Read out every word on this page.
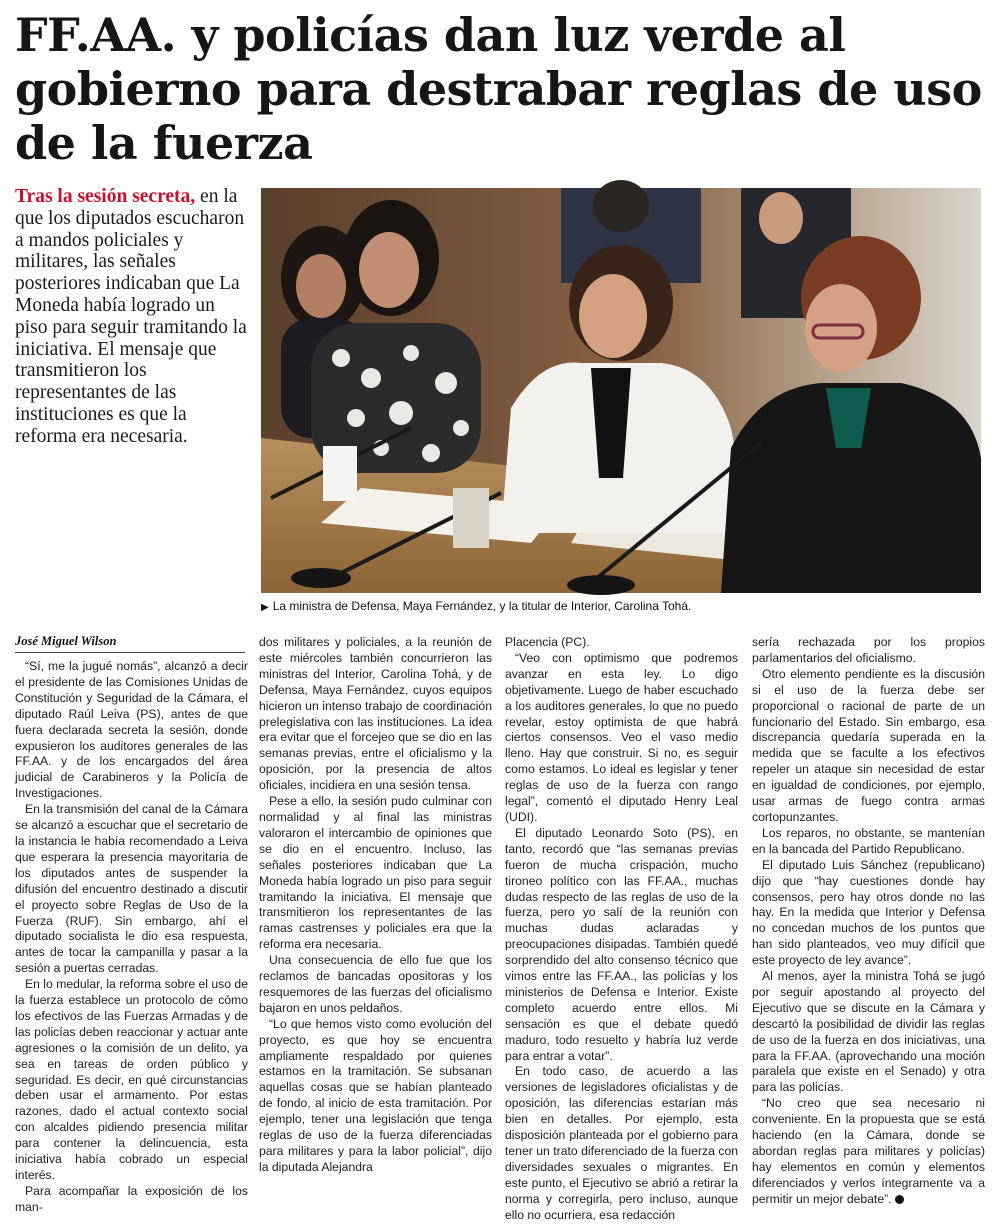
FF.AA. y policías dan luz verde al gobierno para destrabar reglas de uso de la fuerza

Tras la sesión secreta, en la que los diputados escucharon a mandos policiales y militares, las señales posteriores indicaban que La Moneda había logrado un piso para seguir tramitando la iniciativa. El mensaje que transmitieron los representantes de las instituciones es que la reforma era necesaria.

▶ La ministra de Defensa, Maya Fernández, y la titular de Interior, Carolina Tohá.

José Miguel Wilson

“Sí, me la jugué nomás”, alcanzó a decir el presidente de las Comisiones Unidas de Constitución y Seguridad de la Cámara, el diputado Raúl Leiva (PS), antes de que fuera declarada secreta la sesión, donde expusieron los auditores generales de las FF.AA. y de los encargados del área judicial de Carabineros y la Policía de Investigaciones.

En la transmisión del canal de la Cámara se alcanzó a escuchar que el secretario de la instancia le había recomendado a Leiva que esperara la presencia mayoritaria de los diputados antes de suspender la difusión del encuentro destinado a discutir el proyecto sobre Reglas de Uso de la Fuerza (RUF). Sin embargo, ahí el diputado socialista le dio esa respuesta, antes de tocar la campanilla y pasar a la sesión a puertas cerradas.

En lo medular, la reforma sobre el uso de la fuerza establece un protocolo de cómo los efectivos de las Fuerzas Armadas y de las policías deben reaccionar y actuar ante agresiones o la comisión de un delito, ya sea en tareas de orden público y seguridad. Es decir, en qué circunstancias deben usar el armamento. Por estas razones, dado el actual contexto social con alcaldes pidiendo presencia militar para contener la delincuencia, esta iniciativa había cobrado un especial interés.

Para acompañar la exposición de los man-

dos militares y policiales, a la reunión de este miércoles también concurrieron las ministras del Interior, Carolina Tohá, y de Defensa, Maya Fernández, cuyos equipos hicieron un intenso trabajo de coordinación prelegislativa con las instituciones. La idea era evitar que el forcejeo que se dio en las semanas previas, entre el oficialismo y la oposición, por la presencia de altos oficiales, incidiera en una sesión tensa.

Pese a ello, la sesión pudo culminar con normalidad y al final las ministras valoraron el intercambio de opiniones que se dio en el encuentro. Incluso, las señales posteriores indicaban que La Moneda había logrado un piso para seguir tramitando la iniciativa. El mensaje que transmitieron los representantes de las ramas castrenses y policiales era que la reforma era necesaria.

Una consecuencia de ello fue que los reclamos de bancadas opositoras y los resquemores de las fuerzas del oficialismo bajaron en unos peldaños.

“Lo que hemos visto como evolución del proyecto, es que hoy se encuentra ampliamente respaldado por quienes estamos en la tramitación. Se subsanan aquellas cosas que se habían planteado de fondo, al inicio de esta tramitación. Por ejemplo, tener una legislación que tenga reglas de uso de la fuerza diferenciadas para militares y para la labor policial”, dijo la diputada Alejandra

Placencia (PC).

“Veo con optimismo que podremos avanzar en esta ley. Lo digo objetivamente. Luego de haber escuchado a los auditores generales, lo que no puedo revelar, estoy optimista de que habrá ciertos consensos. Veo el vaso medio lleno. Hay que construir. Si no, es seguir como estamos. Lo ideal es legislar y tener reglas de uso de la fuerza con rango legal”, comentó el diputado Henry Leal (UDI).

El diputado Leonardo Soto (PS), en tanto, recordó que “las semanas previas fueron de mucha crispación, mucho tironeo político con las FF.AA., muchas dudas respecto de las reglas de uso de la fuerza, pero yo salí de la reunión con muchas dudas aclaradas y preocupaciones disipadas. También quedé sorprendido del alto consenso técnico que vimos entre las FF.AA., las policías y los ministerios de Defensa e Interior. Existe completo acuerdo entre ellos. Mi sensación es que el debate quedó maduro, todo resuelto y habría luz verde para entrar a votar”.

En todo caso, de acuerdo a las versiones de legisladores oficialistas y de oposición, las diferencias estarían más bien en detalles. Por ejemplo, esta disposición planteada por el gobierno para tener un trato diferenciado de la fuerza con diversidades sexuales o migrantes. En este punto, el Ejecutivo se abrió a retirar la norma y corregirla, pero incluso, aunque ello no ocurriera, esa redacción

sería rechazada por los propios parlamentarios del oficialismo.

Otro elemento pendiente es la discusión si el uso de la fuerza debe ser proporcional o racional de parte de un funcionario del Estado. Sin embargo, esa discrepancia quedaría superada en la medida que se faculte a los efectivos repeler un ataque sin necesidad de estar en igualdad de condiciones, por ejemplo, usar armas de fuego contra armas cortopunzantes.

Los reparos, no obstante, se mantenían en la bancada del Partido Republicano.

El diputado Luis Sánchez (republicano) dijo que “hay cuestiones donde hay consensos, pero hay otros donde no las hay. En la medida que Interior y Defensa no concedan muchos de los puntos que han sido planteados, veo muy difícil que este proyecto de ley avance”.

Al menos, ayer la ministra Tohá se jugó por seguir apostando al proyecto del Ejecutivo que se discute en la Cámara y descartó la posibilidad de dividir las reglas de uso de la fuerza en dos iniciativas, una para la FF.AA. (aprovechando una moción paralela que existe en el Senado) y otra para las policías.

“No creo que sea necesario ni conveniente. En la propuesta que se está haciendo (en la Cámara, donde se abordan reglas para militares y policías) hay elementos en común y elementos diferenciados y verlos íntegramente va a permitir un mejor debate”.
